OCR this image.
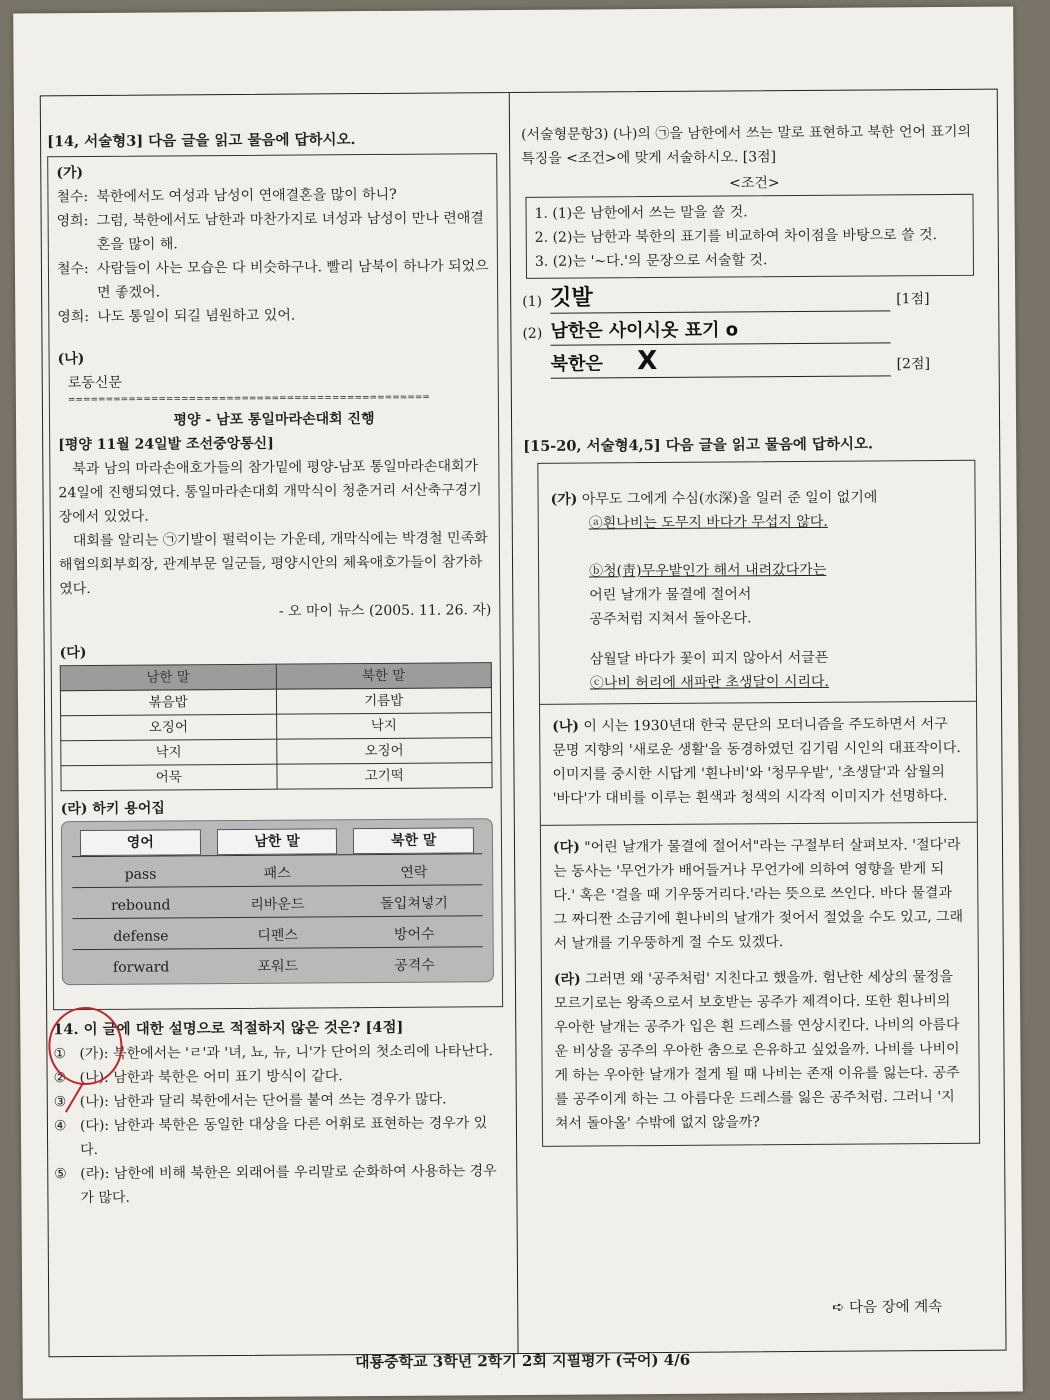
[14, 서술형3] 다음 글을 읽고 물음에 답하시오.
(가)
철수: 북한에서도 여성과 남성이 연애결혼을 많이 하니?
영희: 그럼, 북한에서도 남한과 마찬가지로 녀성과 남성이 만나 련애결혼을 많이 해.
철수: 사람들이 사는 모습은 다 비슷하구나. 빨리 남북이 하나가 되었으면 좋겠어.
영희: 나도 통일이 되길 념원하고 있어.
(나)
로동신문
================================================
평양 - 남포 통일마라손대회 진행
[평양 11월 24일발 조선중앙통신]
북과 남의 마라손애호가들의 참가밑에 평양-남포 통일마라손대회가 24일에 진행되였다. 통일마라손대회 개막식이 청춘거리 서산축구경기장에서 있었다.
대회를 알리는 ㉠기발이 펄럭이는 가운데, 개막식에는 박경철 민족화해협의회부회장, 관계부문 일군들, 평양시안의 체육애호가들이 참가하였다.
- 오 마이 뉴스 (2005. 11. 26. 자)
(다)
남한 말	북한 말
볶음밥	기름밥
오징어	낙지
낙지	오징어
어묵	고기떡
(라) 하키 용어집
영어	남한 말	북한 말
pass	패스	연락
rebound	리바운드	돌입쳐넣기
defense	디펜스	방어수
forward	포워드	공격수
14. 이 글에 대한 설명으로 적절하지 않은 것은? [4점]
① (가): 북한에서는 'ㄹ'과 '녀, 뇨, 뉴, 니'가 단어의 첫소리에 나타난다.
② (나): 남한과 북한은 어미 표기 방식이 같다.
③ (나): 남한과 달리 북한에서는 단어를 붙여 쓰는 경우가 많다.
④ (다): 남한과 북한은 동일한 대상을 다른 어휘로 표현하는 경우가 있다.
⑤ (라): 남한에 비해 북한은 외래어를 우리말로 순화하여 사용하는 경우가 많다.
(서술형문항3) (나)의 ㉠을 남한에서 쓰는 말로 표현하고 북한 언어 표기의 특징을 <조건>에 맞게 서술하시오. [3점]
<조건>
1. (1)은 남한에서 쓰는 말을 쓸 것.
2. (2)는 남한과 북한의 표기를 비교하여 차이점을 바탕으로 쓸 것.
3. (2)는 '~다.'의 문장으로 서술할 것.
(1) 깃발	[1점]
(2) 남한은 사이시옷 표기 o
북한은 X	[2점]
[15-20, 서술형4,5] 다음 글을 읽고 물음에 답하시오.
(가) 아무도 그에게 수심(水深)을 일러 준 일이 없기에
ⓐ흰나비는 도무지 바다가 무섭지 않다.
ⓑ청(靑)무우밭인가 해서 내려갔다가는
어린 날개가 물결에 절어서
공주처럼 지쳐서 돌아온다.
삼월달 바다가 꽃이 피지 않아서 서글픈
ⓒ나비 허리에 새파란 초생달이 시리다.
(나) 이 시는 1930년대 한국 문단의 모더니즘을 주도하면서 서구 문명 지향의 '새로운 생활'을 동경하였던 김기림 시인의 대표작이다. 이미지를 중시한 시답게 '흰나비'와 '청무우밭', '초생달'과 삼월의 '바다'가 대비를 이루는 흰색과 청색의 시각적 이미지가 선명하다.
(다) "어린 날개가 물결에 절어서"라는 구절부터 살펴보자. '절다'라는 동사는 '무언가가 배어들거나 무언가에 의하여 영향을 받게 되다.' 혹은 '걸을 때 기우뚱거리다.'라는 뜻으로 쓰인다. 바다 물결과 그 짜디짠 소금기에 흰나비의 날개가 젖어서 절었을 수도 있고, 그래서 날개를 기우뚱하게 절 수도 있겠다.
(라) 그러면 왜 '공주처럼' 지친다고 했을까. 험난한 세상의 물정을 모르기로는 왕족으로서 보호받는 공주가 제격이다. 또한 흰나비의 우아한 날개는 공주가 입은 흰 드레스를 연상시킨다. 나비의 아름다운 비상을 공주의 우아한 춤으로 은유하고 싶었을까. 나비를 나비이게 하는 우아한 날개가 절게 될 때 나비는 존재 이유를 잃는다. 공주를 공주이게 하는 그 아름다운 드레스를 잃은 공주처럼. 그러니 '지쳐서 돌아올' 수밖에 없지 않을까?
➪ 다음 장에 계속
대룡중학교 3학년 2학기 2회 지필평가 (국어) 4/6
